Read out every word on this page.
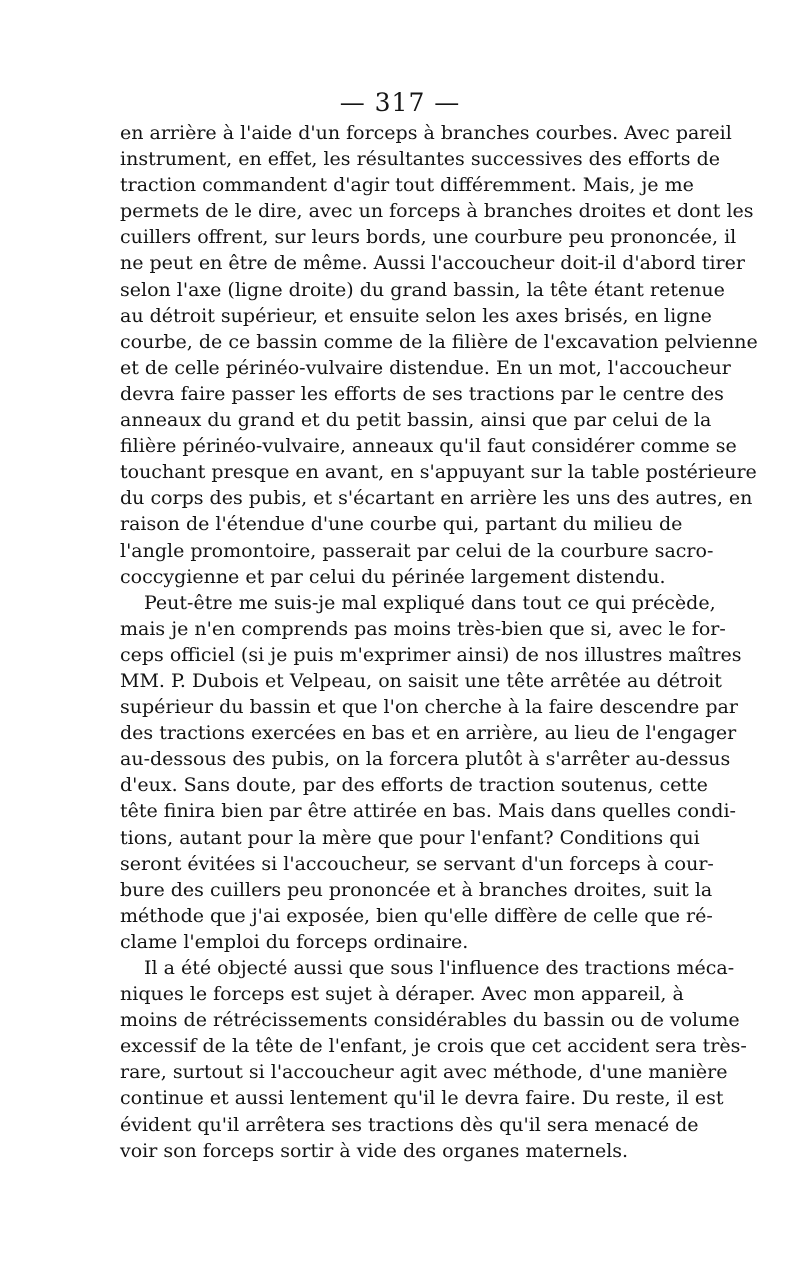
— 317 —
en arrière à l'aide d'un forceps à branches courbes. Avec pareil
instrument, en effet, les résultantes successives des efforts de
traction commandent d'agir tout différemment. Mais, je me
permets de le dire, avec un forceps à branches droites et dont les
cuillers offrent, sur leurs bords, une courbure peu prononcée, il
ne peut en être de même. Aussi l'accoucheur doit-il d'abord tirer
selon l'axe (ligne droite) du grand bassin, la tête étant retenue
au détroit supérieur, et ensuite selon les axes brisés, en ligne
courbe, de ce bassin comme de la filière de l'excavation pelvienne
et de celle périnéo-vulvaire distendue. En un mot, l'accoucheur
devra faire passer les efforts de ses tractions par le centre des
anneaux du grand et du petit bassin, ainsi que par celui de la
filière périnéo-vulvaire, anneaux qu'il faut considérer comme se
touchant presque en avant, en s'appuyant sur la table postérieure
du corps des pubis, et s'écartant en arrière les uns des autres, en
raison de l'étendue d'une courbe qui, partant du milieu de
l'angle promontoire, passerait par celui de la courbure sacro-
coccygienne et par celui du périnée largement distendu.
Peut-être me suis-je mal expliqué dans tout ce qui précède,
mais je n'en comprends pas moins très-bien que si, avec le for-
ceps officiel (si je puis m'exprimer ainsi) de nos illustres maîtres
MM. P. Dubois et Velpeau, on saisit une tête arrêtée au détroit
supérieur du bassin et que l'on cherche à la faire descendre par
des tractions exercées en bas et en arrière, au lieu de l'engager
au-dessous des pubis, on la forcera plutôt à s'arrêter au-dessus
d'eux. Sans doute, par des efforts de traction soutenus, cette
tête finira bien par être attirée en bas. Mais dans quelles condi-
tions, autant pour la mère que pour l'enfant? Conditions qui
seront évitées si l'accoucheur, se servant d'un forceps à cour-
bure des cuillers peu prononcée et à branches droites, suit la
méthode que j'ai exposée, bien qu'elle diffère de celle que ré-
clame l'emploi du forceps ordinaire.
Il a été objecté aussi que sous l'influence des tractions méca-
niques le forceps est sujet à déraper. Avec mon appareil, à
moins de rétrécissements considérables du bassin ou de volume
excessif de la tête de l'enfant, je crois que cet accident sera très-
rare, surtout si l'accoucheur agit avec méthode, d'une manière
continue et aussi lentement qu'il le devra faire. Du reste, il est
évident qu'il arrêtera ses tractions dès qu'il sera menacé de
voir son forceps sortir à vide des organes maternels.
